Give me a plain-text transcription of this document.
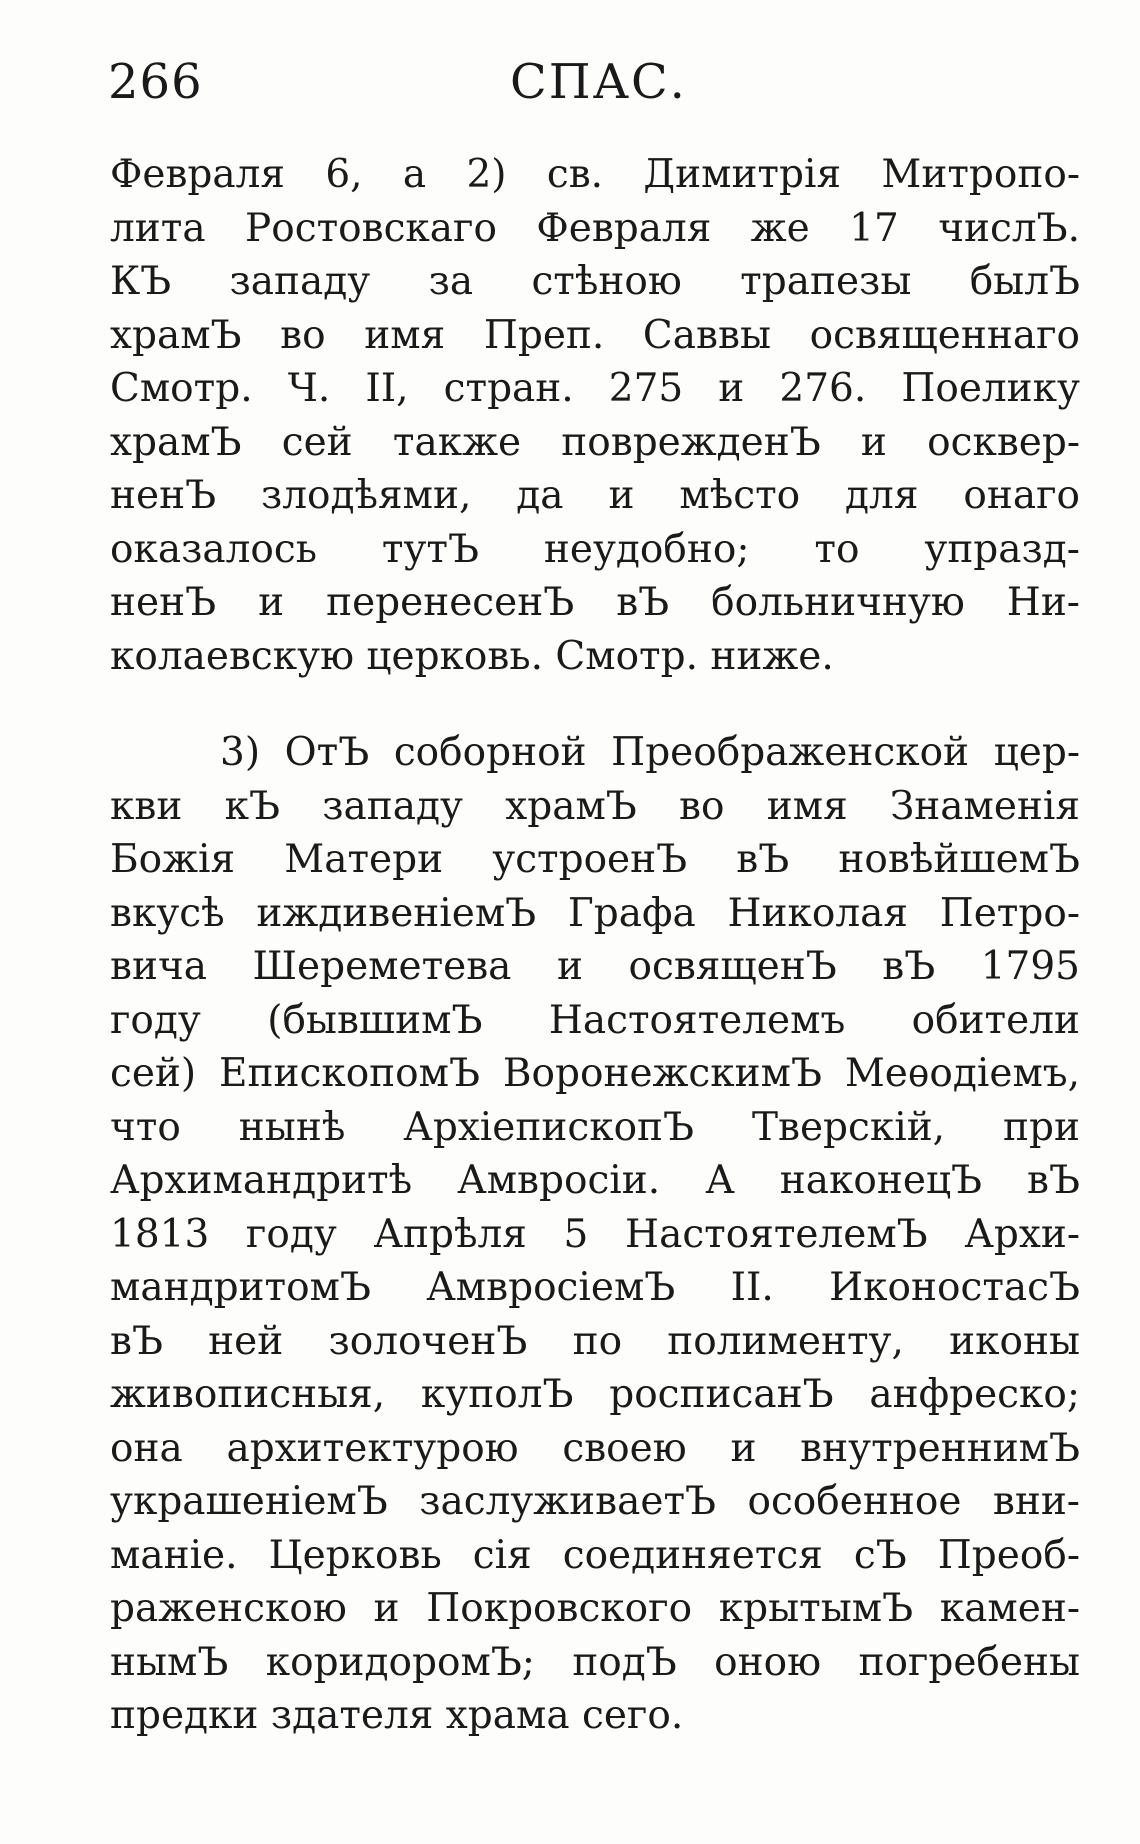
266	СПАС.
Февраля 6, а 2) св. Димитрія Митропо-
лита Ростовскаго Февраля же 17 числЪ.
КЪ западу за стѣною трапезы былЪ
храмЪ во имя Преп. Саввы освященнаго
Смотр. Ч. II, стран. 275 и 276. Поелику
храмЪ сей также поврежденЪ и осквер-
ненЪ злодѣями, да и мѣсто для онаго
оказалось тутЪ неудобно; то упразд-
ненЪ и перенесенЪ вЪ больничную Ни-
колаевскую церковь. Смотр. ниже.
3) ОтЪ соборной Преображенской цер-
кви кЪ западу храмЪ во имя Знаменія
Божія Матери устроенЪ вЪ новѣйшемЪ
вкусѣ иждивеніемЪ Графа Николая Петро-
вича Шереметева и освященЪ вЪ 1795
году (бывшимЪ Настоятелемъ обители
сей) ЕпископомЪ ВоронежскимЪ Меѳодіемъ,
что нынѣ АрхіепископЪ Тверскій, при
Архимандритѣ Амвросіи. А наконецЪ вЪ
1813 году Апрѣля 5 НастоятелемЪ Архи-
мандритомЪ АмвросіемЪ II. ИконостасЪ
вЪ ней золоченЪ по полименту, иконы
живописныя, куполЪ росписанЪ анфреско;
она архитектурою своею и внутреннимЪ
украшеніемЪ заслуживаетЪ особенное вни-
маніе. Церковь сія соединяется сЪ Преоб-
раженскою и Покровского крытымЪ камен-
нымЪ коридоромЪ; подЪ оною погребены
предки здателя храма сего.
